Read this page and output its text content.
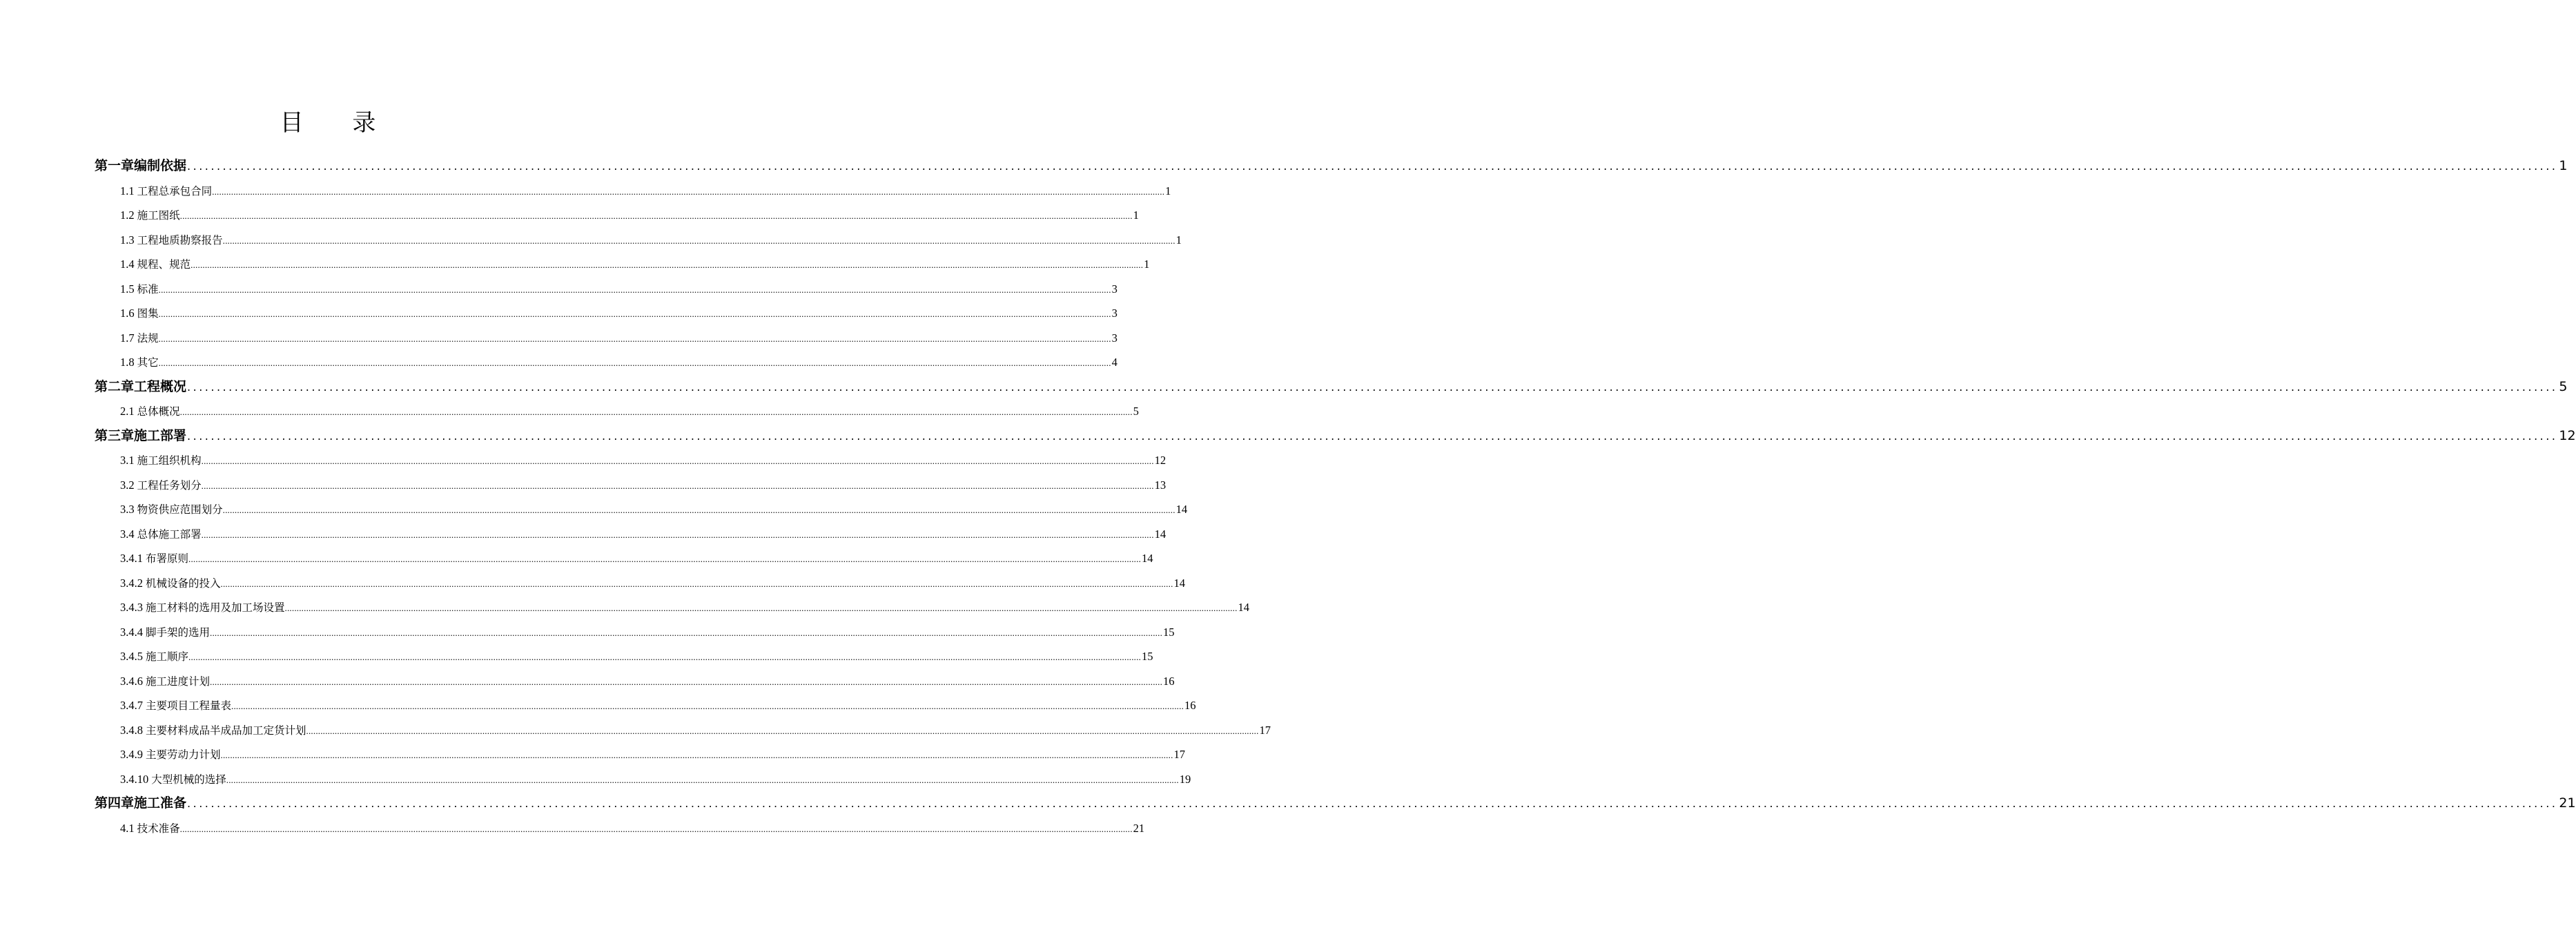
目 录
第一章 编制依据 ................................................................................................................................................................................................................................................................................................................................................................................................................ 1
1.1 工程总承包合同 ................................................................................................................................................................................................................................................................................................................................................................................................................ 1
1.2 施工图纸 ................................................................................................................................................................................................................................................................................................................................................................................................................ 1
1.3 工程地质勘察报告 ................................................................................................................................................................................................................................................................................................................................................................................................................ 1
1.4 规程、规范 ................................................................................................................................................................................................................................................................................................................................................................................................................ 1
1.5 标准 ................................................................................................................................................................................................................................................................................................................................................................................................................ 3
1.6 图集 ................................................................................................................................................................................................................................................................................................................................................................................................................ 3
1.7 法规 ................................................................................................................................................................................................................................................................................................................................................................................................................ 3
1.8 其它 ................................................................................................................................................................................................................................................................................................................................................................................................................ 4
第二章 工程概况 ................................................................................................................................................................................................................................................................................................................................................................................................................ 5
2.1 总体概况 ................................................................................................................................................................................................................................................................................................................................................................................................................ 5
第三章 施工部署 ................................................................................................................................................................................................................................................................................................................................................................................................................ 12
3.1 施工组织机构 ................................................................................................................................................................................................................................................................................................................................................................................................................ 12
3.2 工程任务划分 ................................................................................................................................................................................................................................................................................................................................................................................................................ 13
3.3 物资供应范围划分 ................................................................................................................................................................................................................................................................................................................................................................................................................ 14
3.4 总体施工部署 ................................................................................................................................................................................................................................................................................................................................................................................................................ 14
3.4.1 布署原则 ................................................................................................................................................................................................................................................................................................................................................................................................................ 14
3.4.2 机械设备的投入 ................................................................................................................................................................................................................................................................................................................................................................................................................ 14
3.4.3 施工材料的选用及加工场设置 ................................................................................................................................................................................................................................................................................................................................................................................................................ 14
3.4.4 脚手架的选用 ................................................................................................................................................................................................................................................................................................................................................................................................................ 15
3.4.5 施工顺序 ................................................................................................................................................................................................................................................................................................................................................................................................................ 15
3.4.6 施工进度计划 ................................................................................................................................................................................................................................................................................................................................................................................................................ 16
3.4.7 主要项目工程量表 ................................................................................................................................................................................................................................................................................................................................................................................................................ 16
3.4.8 主要材料成品半成品加工定货计划 ................................................................................................................................................................................................................................................................................................................................................................................................................ 17
3.4.9 主要劳动力计划 ................................................................................................................................................................................................................................................................................................................................................................................................................ 17
3.4.10 大型机械的选择 ................................................................................................................................................................................................................................................................................................................................................................................................................ 19
第四章 施工准备 ................................................................................................................................................................................................................................................................................................................................................................................................................ 21
4.1 技术准备 ................................................................................................................................................................................................................................................................................................................................................................................................................ 21
